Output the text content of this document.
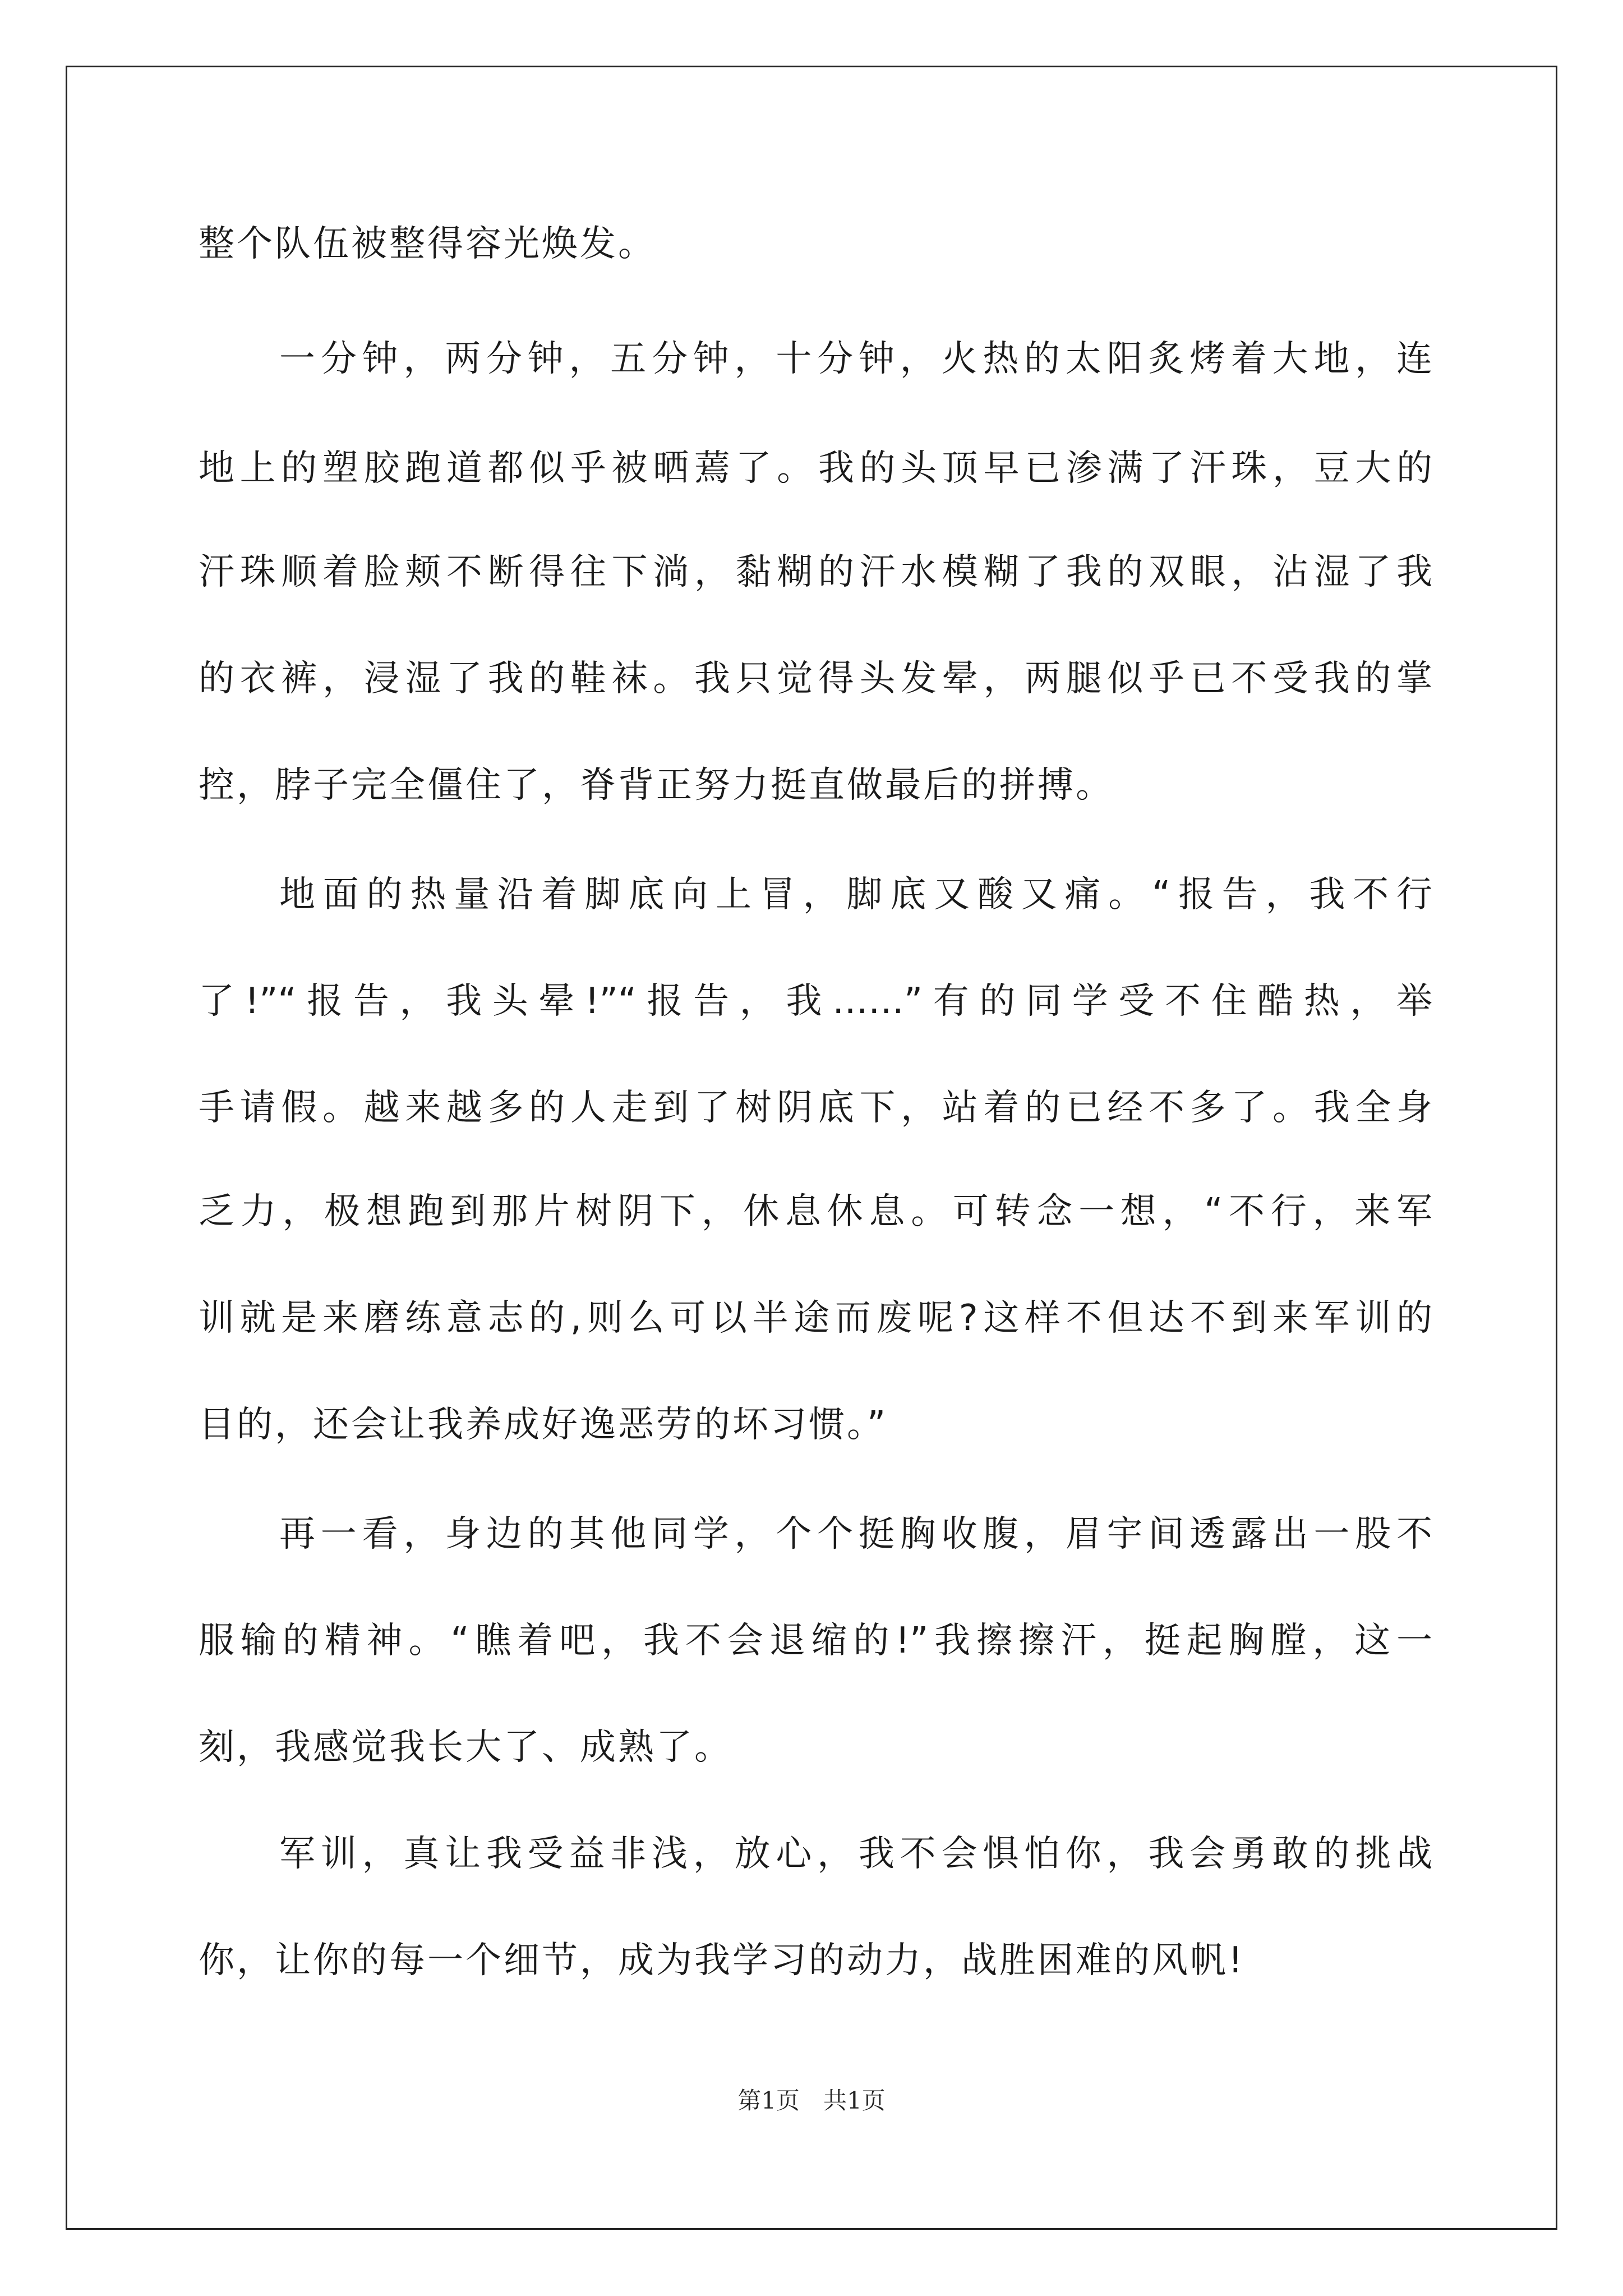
整个队伍被整得容光焕发。

一分钟，两分钟，五分钟，十分钟，火热的太阳炙烤着大地，连

地上的塑胶跑道都似乎被晒蔫了。我的头顶早已渗满了汗珠，豆大的

汗珠顺着脸颊不断得往下淌，黏糊的汗水模糊了我的双眼，沾湿了我

的衣裤，浸湿了我的鞋袜。我只觉得头发晕，两腿似乎已不受我的掌

控，脖子完全僵住了，脊背正努力挺直做最后的拼搏。

地面的热量沿着脚底向上冒，脚底又酸又痛。“报告，我不行

了!”“报告，我头晕!”“报告，我……”有的同学受不住酷热，举

手请假。越来越多的人走到了树阴底下，站着的已经不多了。我全身

乏力，极想跑到那片树阴下，休息休息。可转念一想，“不行，来军

训就是来磨练意志的,则么可以半途而废呢?这样不但达不到来军训的

目的，还会让我养成好逸恶劳的坏习惯。”

再一看，身边的其他同学，个个挺胸收腹，眉宇间透露出一股不

服输的精神。“瞧着吧，我不会退缩的!”我擦擦汗，挺起胸膛，这一

刻，我感觉我长大了、成熟了。

军训，真让我受益非浅，放心，我不会惧怕你，我会勇敢的挑战

你，让你的每一个细节，成为我学习的动力，战胜困难的风帆!

第1页　共1页
